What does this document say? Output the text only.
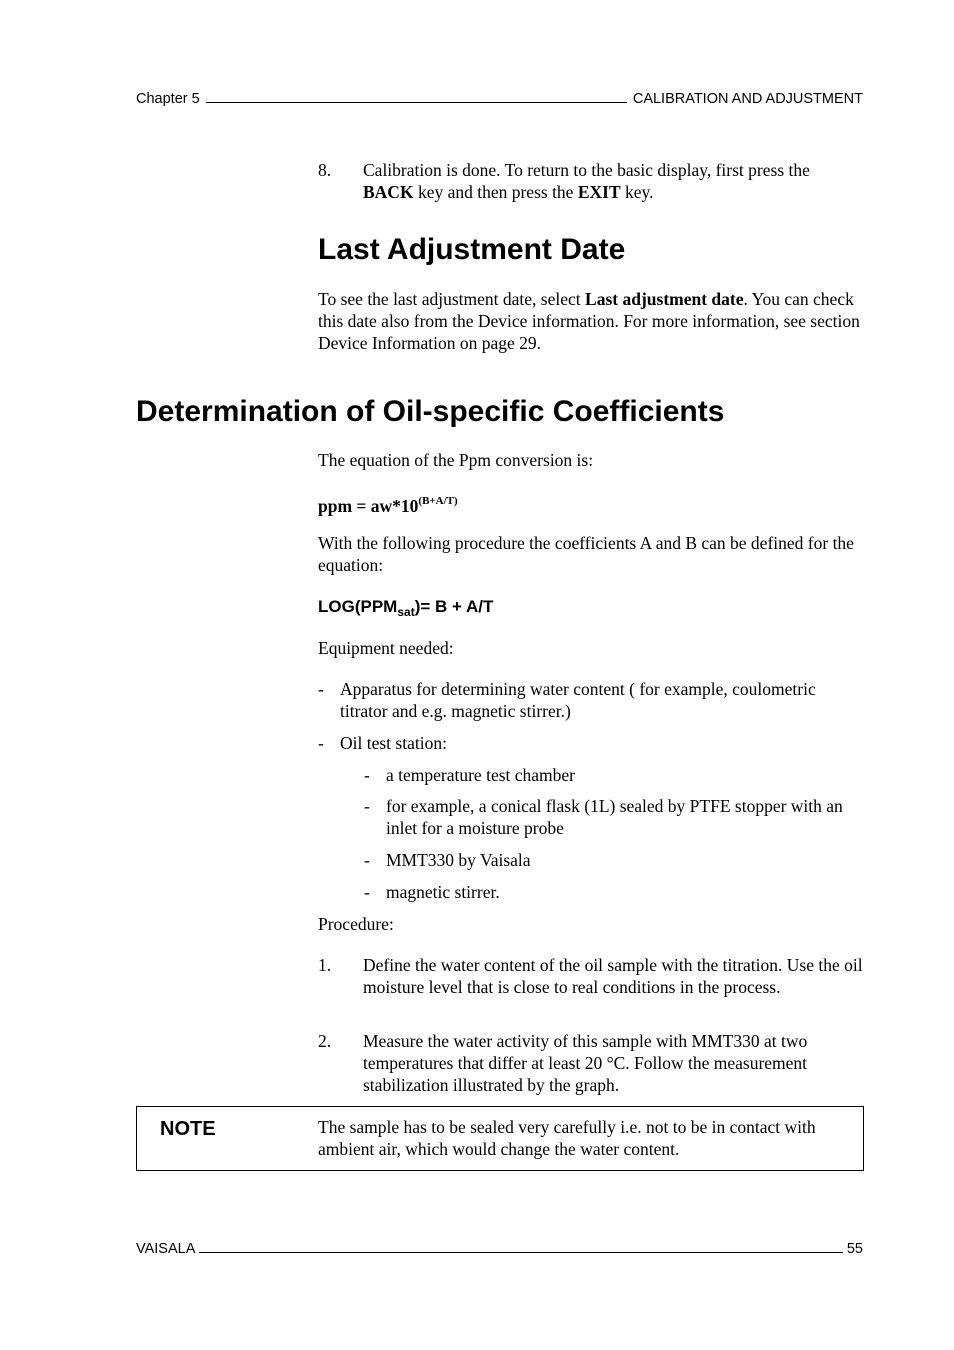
Chapter 5	CALIBRATION AND ADJUSTMENT
8.	Calibration is done. To return to the basic display, first press the BACK key and then press the EXIT key.
Last Adjustment Date
To see the last adjustment date, select Last adjustment date. You can check this date also from the Device information. For more information, see section Device Information on page 29.
Determination of Oil-specific Coefficients
The equation of the Ppm conversion is:
ppm = $aw*10^{(B+A/T)}$
With the following procedure the coefficients A and B can be defined for the equation:
$LOG(PPM_{sat})= B + A/T$
Equipment needed:
- Apparatus for determining water content ( for example, coulometric titrator and e.g. magnetic stirrer.)
- Oil test station:
- a temperature test chamber
- for example, a conical flask (1L) sealed by PTFE stopper with an inlet for a moisture probe
- MMT330 by Vaisala
- magnetic stirrer.
Procedure:
1.	Define the water content of the oil sample with the titration. Use the oil moisture level that is close to real conditions in the process.
2.	Measure the water activity of this sample with MMT330 at two temperatures that differ at least 20 °C. Follow the measurement stabilization illustrated by the graph.
NOTE	The sample has to be sealed very carefully i.e. not to be in contact with ambient air, which would change the water content.
VAISALA	55
